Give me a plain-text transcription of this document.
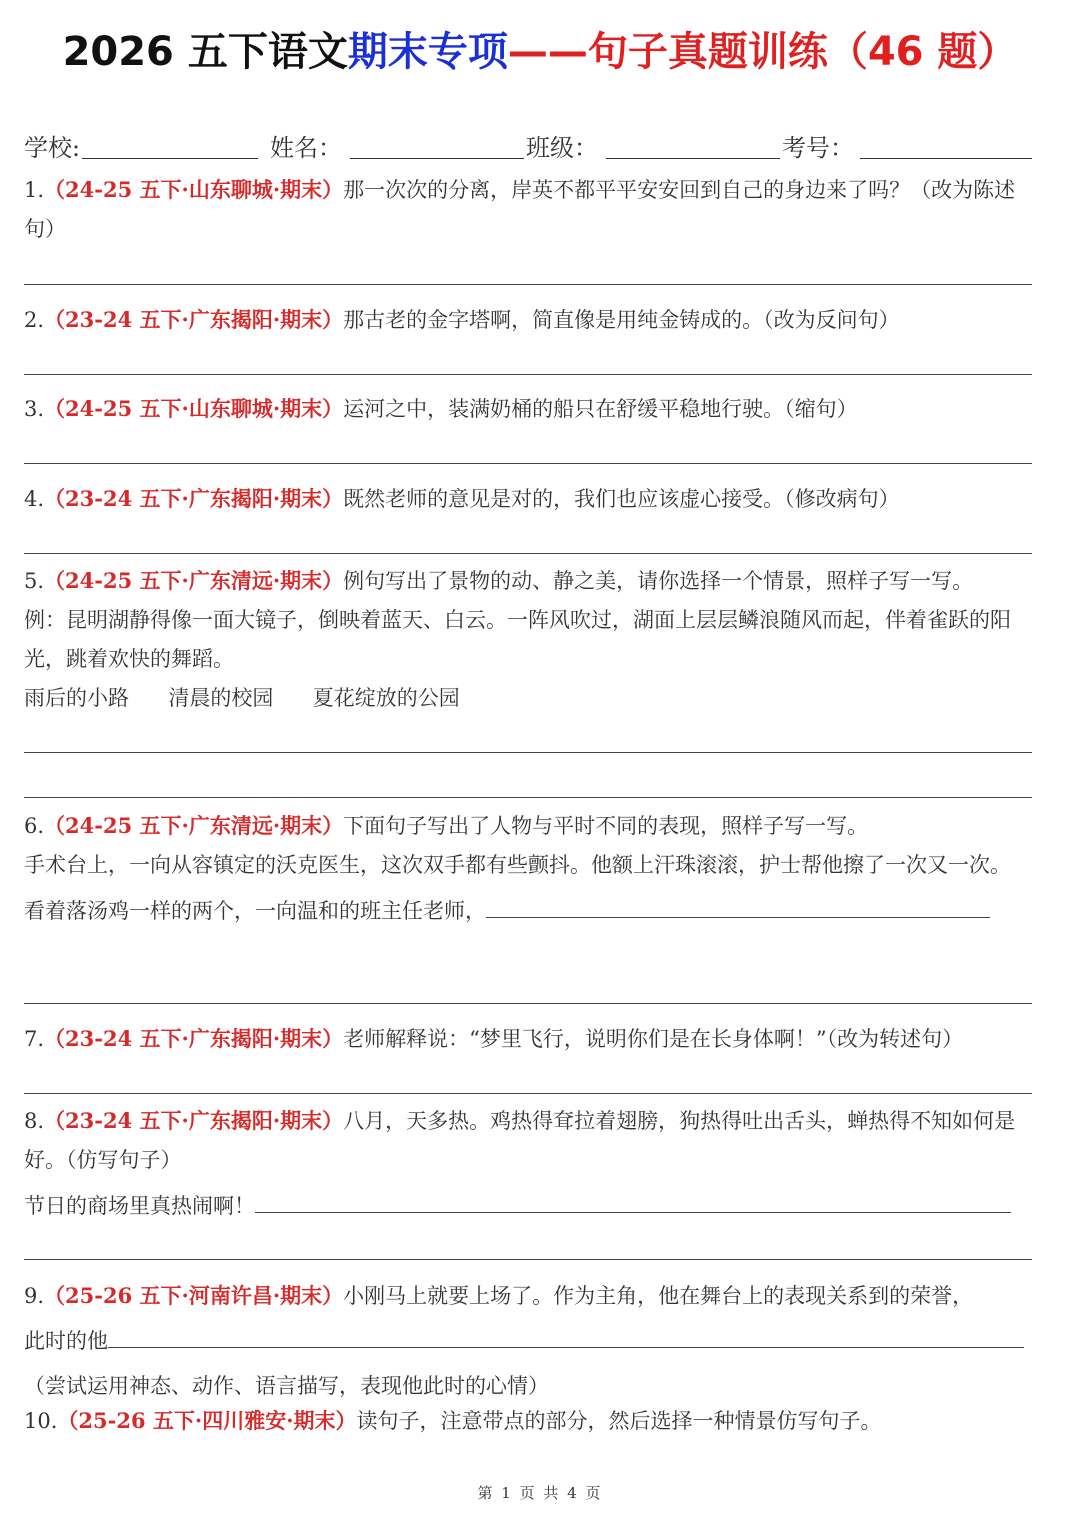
2026 五下语文期末专项——句子真题训练（46 题）
学校:	姓名：	班级：	考号：
1.（24-25 五下·山东聊城·期末）那一次次的分离，岸英不都平平安安回到自己的身边来了吗？（改为陈述句）
2.（23-24 五下·广东揭阳·期末）那古老的金字塔啊，简直像是用纯金铸成的。（改为反问句）
3.（24-25 五下·山东聊城·期末）运河之中，装满奶桶的船只在舒缓平稳地行驶。（缩句）
4.（23-24 五下·广东揭阳·期末）既然老师的意见是对的，我们也应该虚心接受。（修改病句）
5.（24-25 五下·广东清远·期末）例句写出了景物的动、静之美，请你选择一个情景，照样子写一写。
例：昆明湖静得像一面大镜子，倒映着蓝天、白云。一阵风吹过，湖面上层层鳞浪随风而起，伴着雀跃的阳光，跳着欢快的舞蹈。
雨后的小路 清晨的校园 夏花绽放的公园
6.（24-25 五下·广东清远·期末）下面句子写出了人物与平时不同的表现，照样子写一写。
手术台上，一向从容镇定的沃克医生，这次双手都有些颤抖。他额上汗珠滚滚，护士帮他擦了一次又一次。
看着落汤鸡一样的两个，一向温和的班主任老师，
7.（23-24 五下·广东揭阳·期末）老师解释说：“梦里飞行，说明你们是在长身体啊！”（改为转述句）
8.（23-24 五下·广东揭阳·期末）八月，天多热。鸡热得耷拉着翅膀，狗热得吐出舌头，蝉热得不知如何是好。（仿写句子）
节日的商场里真热闹啊！
9.（25-26 五下·河南许昌·期末）小刚马上就要上场了。作为主角，他在舞台上的表现关系到的荣誉，
此时的他
（尝试运用神态、动作、语言描写，表现他此时的心情）
10.（25-26 五下·四川雅安·期末）读句子，注意带点的部分，然后选择一种情景仿写句子。
第 1 页 共 4 页
